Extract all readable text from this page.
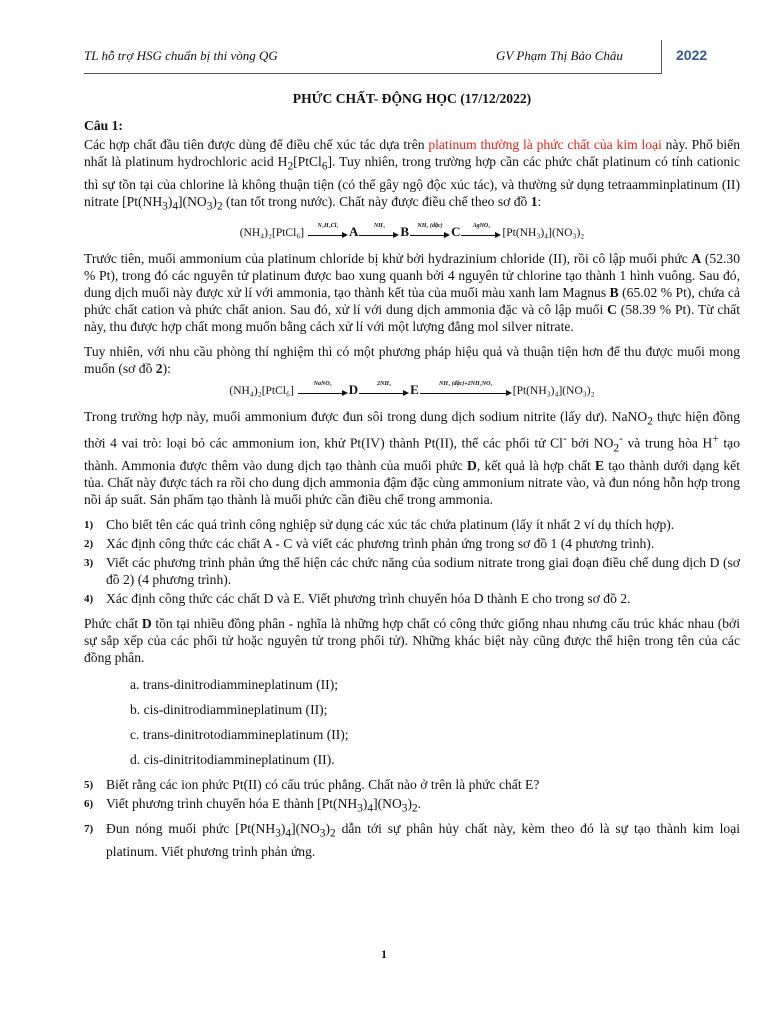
TL hỗ trợ HSG chuẩn bị thi vòng QG	GV Phạm Thị Bảo Châu	2022
PHỨC CHẤT- ĐỘNG HỌC (17/12/2022)
Câu 1:

Các hợp chất đầu tiên được dùng để điều chế xúc tác dựa trên platinum thường là phức chất của kim loại này. Phổ biến nhất là platinum hydrochloric acid $H_2[PtCl_6]$. Tuy nhiên, trong trường hợp cần các phức chất platinum có tính cationic thì sự tồn tại của chlorine là không thuận tiện (có thể gây ngộ độc xúc tác), và thường sử dụng tetraamminplatinum (II) nitrate $[Pt(NH_3)_4](NO_3)_2$ (tan tốt trong nước). Chất này được điều chế theo sơ đồ 1:

(NH₄)₂[PtCl₆]
N₂H₆Cl₂ A	NH₃	B	NH₃ (đặc) C	AgNO₃
[Pt(NH₃)₄](NO₃)₂

Trước tiên, muối ammonium của platinum chloride bị khử bởi hydrazinium chloride (II), rồi cô lập muối phức A (52.30 % Pt), trong đó các nguyên tử platinum được bao xung quanh bởi 4 nguyên tử chlorine tạo thành 1 hình vuông. Sau đó, dung dịch muối này được xử lí với ammonia, tạo thành kết tủa của muối màu xanh lam Magnus B (65.02 % Pt), chứa cả phức chất cation và phức chất anion. Sau đó, xử lí với dung dịch ammonia đặc và cô lập muối C (58.39 % Pt). Từ chất này, thu được hợp chất mong muốn bằng cách xử lí với một lượng đẳng mol silver nitrate.

Tuy nhiên, với nhu cầu phòng thí nghiệm thì có một phương pháp hiệu quả và thuận tiện hơn để thu được muối mong muốn (sơ đồ 2):

(NH₄)₂[PtCl₆]
NaNO₂	D	2NH₃	E	NH₃ (đặc)+2NH₄NO₃
[Pt(NH₃)₄](NO₃)₂

Trong trường hợp này, muối ammonium được đun sôi trong dung dịch sodium nitrite (lấy dư). NaNO$_2$ thực hiện đồng thời 4 vai trò: loại bỏ các ammonium ion, khử Pt(IV) thành Pt(II), thế các phối tử Cl- bởi $NO_2^-$ và trung hòa H+ tạo thành. Ammonia được thêm vào dung dịch tạo thành của muối phức D, kết quả là hợp chất E tạo thành dưới dạng kết tủa. Chất này được tách ra rồi cho dung dịch ammonia đậm đặc cùng ammonium nitrate vào, và đun nóng hỗn hợp trong nồi áp suất. Sản phẩm tạo thành là muối phức cần điều chế trong ammonia.

1) Cho biết tên các quá trình công nghiệp sử dụng các xúc tác chứa platinum (lấy ít nhất 2 ví dụ thích hợp).
2) Xác định công thức các chất A - C và viết các phương trình phản ứng trong sơ đồ 1 (4 phương trình).
3) Viết các phương trình phản ứng thể hiện các chức năng của sodium nitrate trong giai đoạn điều chế dung dịch D (sơ đồ 2) (4 phương trình).
4) Xác định công thức các chất D và E. Viết phương trình chuyển hóa D thành E cho trong sơ đồ 2.

Phức chất D tồn tại nhiều đồng phân - nghĩa là những hợp chất có công thức giống nhau nhưng cấu trúc khác nhau (bởi sự sắp xếp của các phối tử hoặc nguyên tử trong phối tử). Những khác biệt này cũng được thể hiện trong tên của các đồng phân.

a. trans-dinitrodiammineplatinum (II);
b. cis-dinitrodiammineplatinum (II);
c. trans-dinitrotodiammineplatinum (II);
d. cis-dinitritodiammineplatinum (II).
5) Biết rằng các ion phức Pt(II) có cấu trúc phẳng. Chất nào ở trên là phức chất E?
6) Viết phương trình chuyển hóa E thành $[Pt(NH_3)_4](NO_3)_2$.
7) Đun nóng muối phức $[Pt(NH_3)_4](NO_3)_2$ dẫn tới sự phân hủy chất này, kèm theo đó là sự tạo thành kim loại platinum. Viết phương trình phản ứng.
1
